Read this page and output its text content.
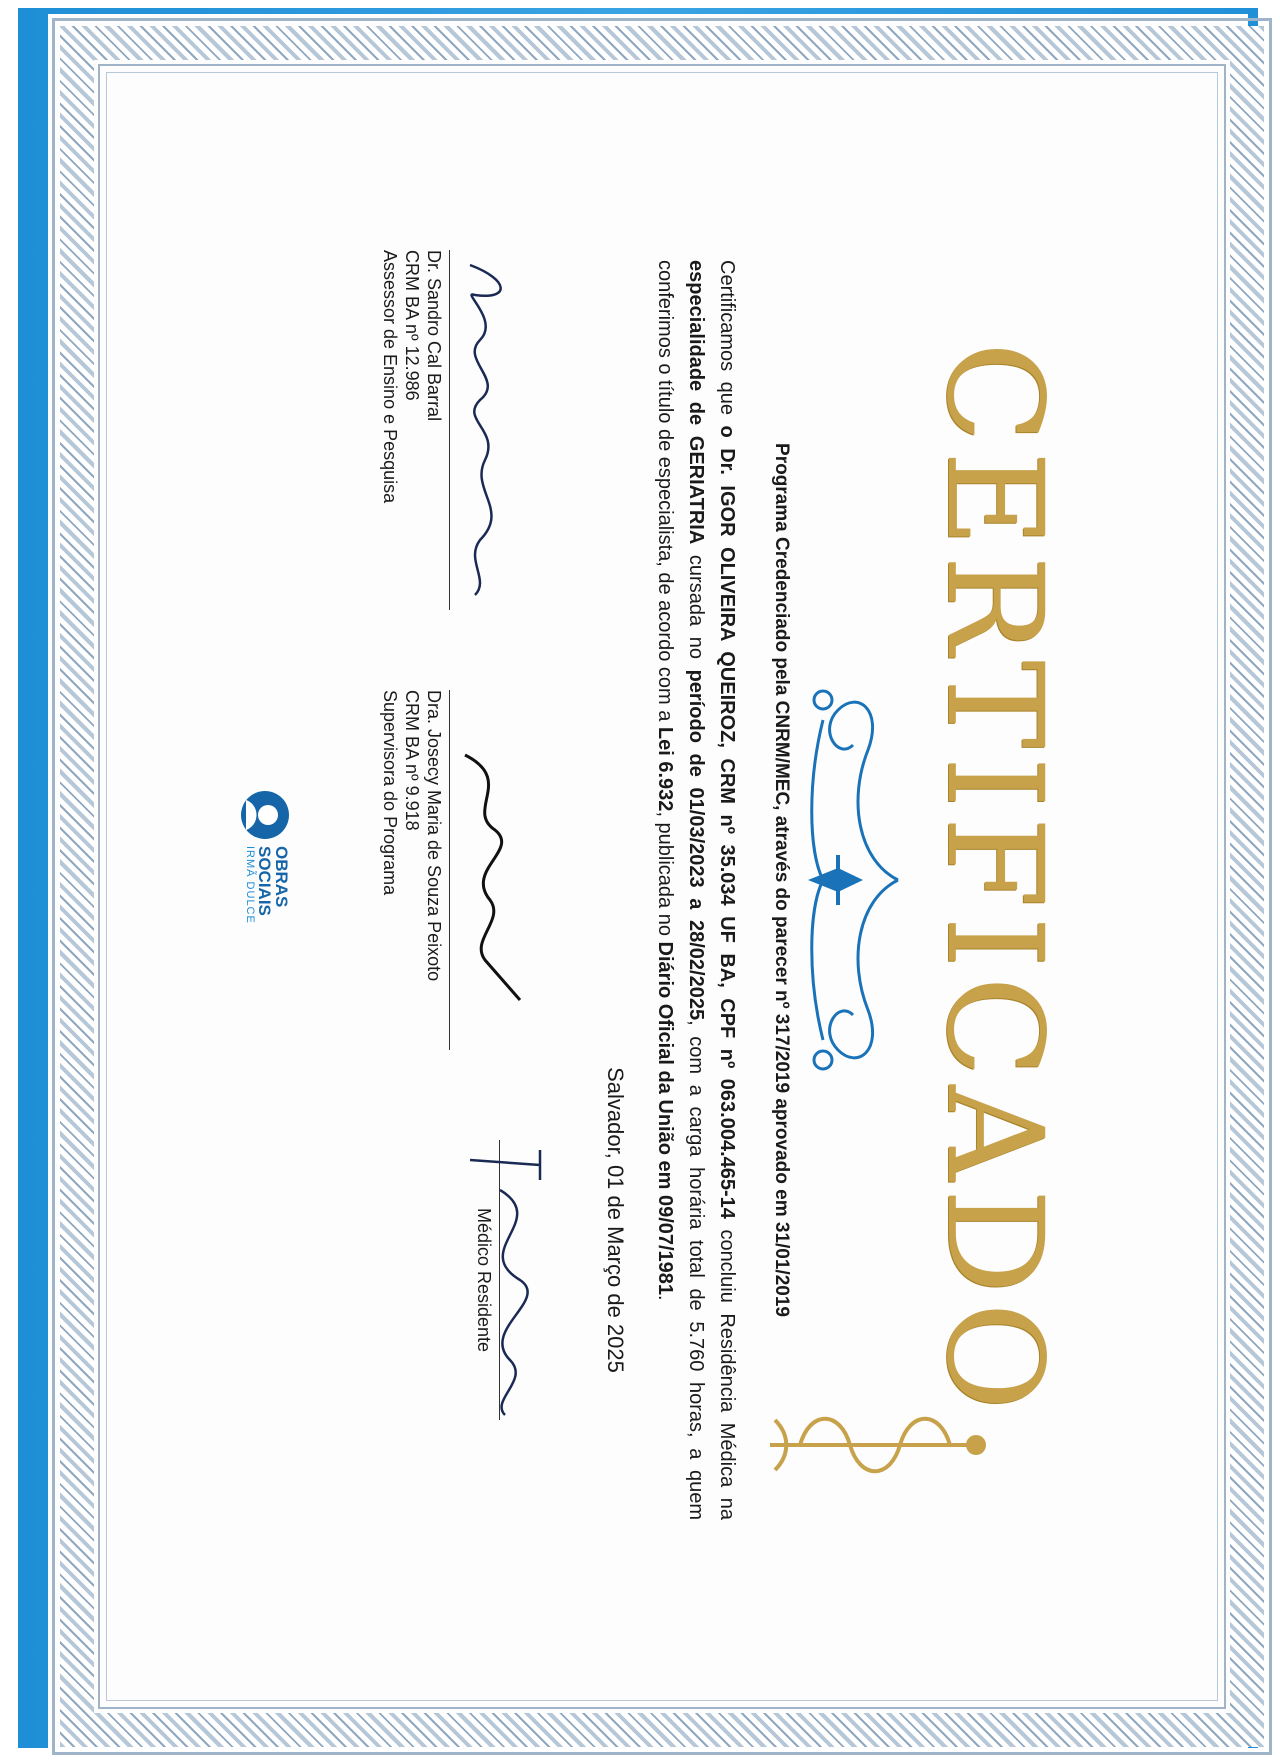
CERTIFICADO
Programa Credenciado pela CNRM/MEC, através do parecer nº 317/2019 aprovado em 31/01/2019
Certificamos que o Dr. IGOR OLIVEIRA QUEIROZ, CRM nº 35.034 UF BA, CPF nº 063.004.465-14 concluiu Residência Médica na especialidade de GERIATRIA cursada no período de 01/03/2023 a 28/02/2025, com a carga horária total de 5.760 horas, a quem conferimos o título de especialista, de acordo com a Lei 6.932, publicada no Diário Oficial da União em 09/07/1981.
Salvador, 01 de Março de 2025
Dr. Sandro Cal Barral
CRM BA nº 12.986
Assessor de Ensino e Pesquisa
Dra. Josecy Maria de Souza Peixoto
CRM BA nº 9.918
Supervisora do Programa
Médico Residente
OBRAS
SOCIAIS
IRMÃ DULCE
